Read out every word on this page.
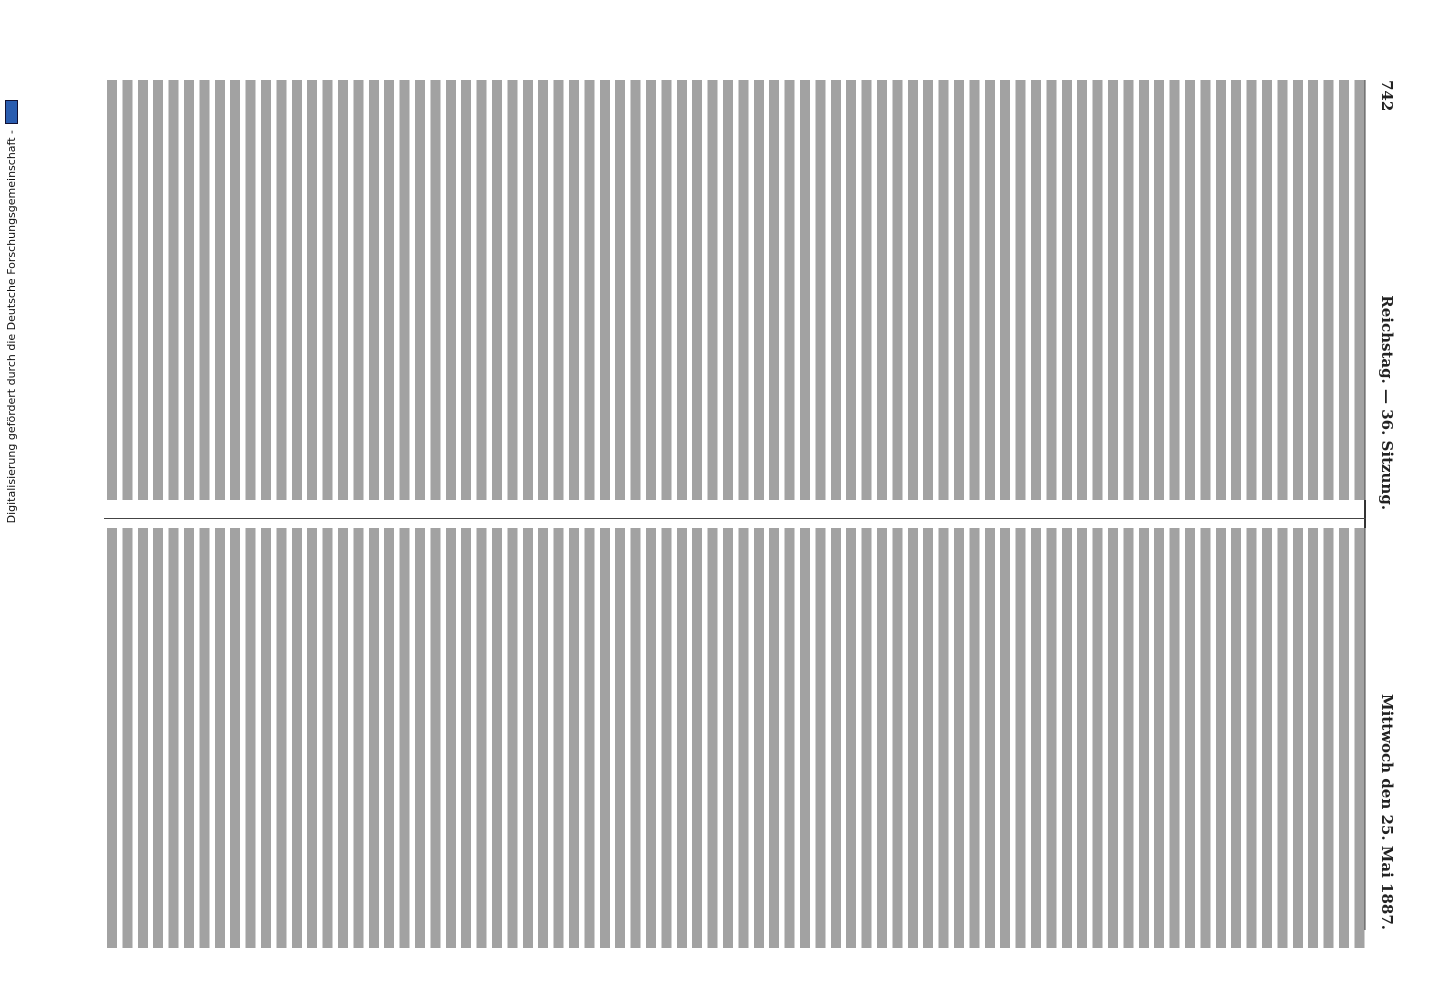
742
Reichstag. — 36. Sitzung.
Mittwoch den 25. Mai 1887.
Digitalisierung gefördert durch die Deutsche Forschungsgemeinschaft -
